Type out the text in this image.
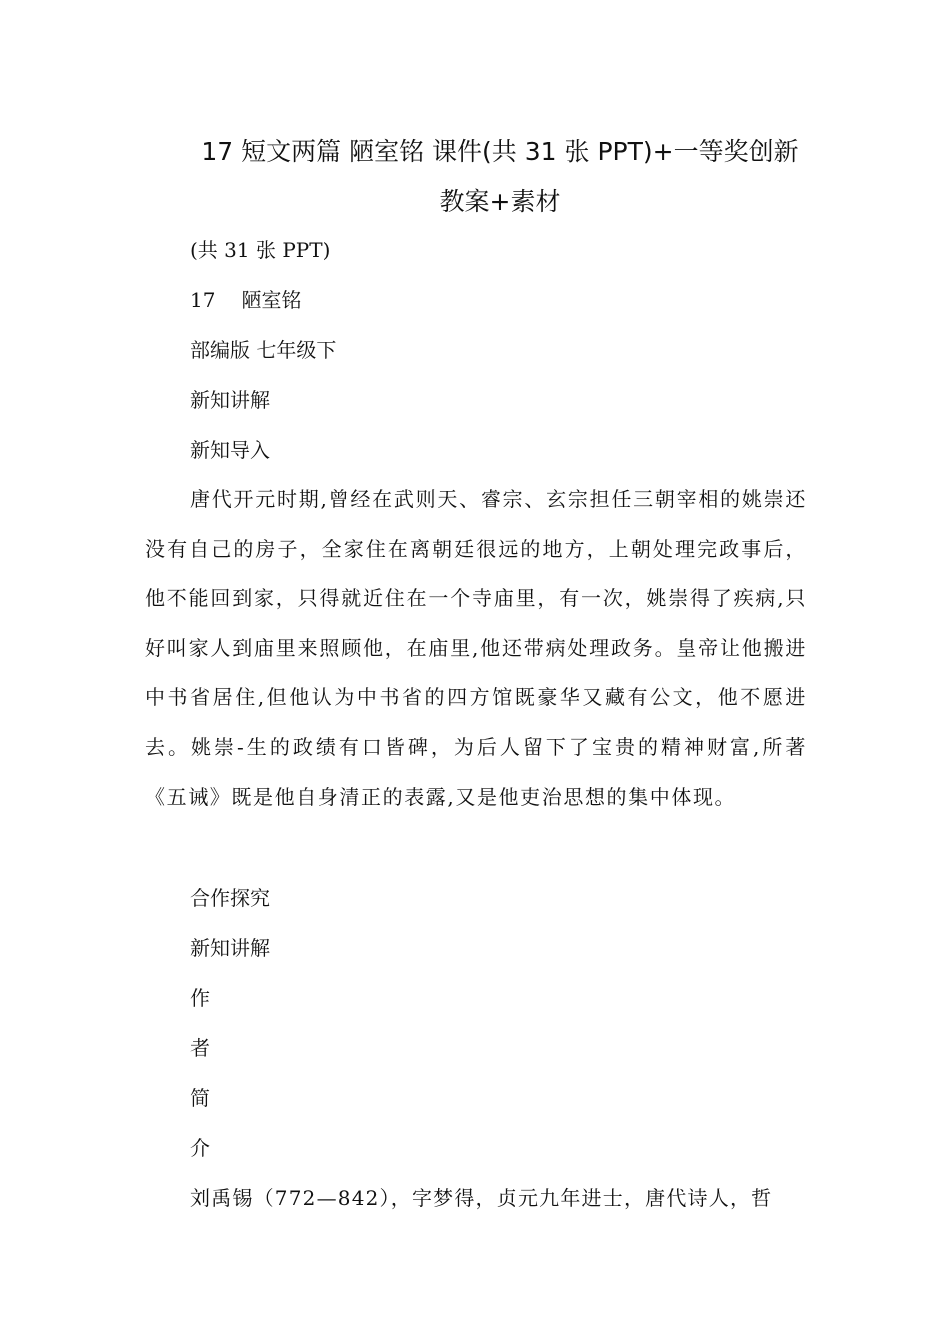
17 短文两篇 陋室铭 课件(共 31 张 PPT)+一等奖创新
教案+素材
(共 31 张 PPT)
17 陋室铭
部编版 七年级下
新知讲解
新知导入
唐代开元时期,曾经在武则天、睿宗、玄宗担任三朝宰相的姚崇还没有自己的房子，全家住在离朝廷很远的地方，上朝处理完政事后，他不能回到家，只得就近住在一个寺庙里，有一次，姚崇得了疾病,只好叫家人到庙里来照顾他，在庙里,他还带病处理政务。皇帝让他搬进中书省居住,但他认为中书省的四方馆既豪华又藏有公文，他不愿进去。姚崇-生的政绩有口皆碑，为后人留下了宝贵的精神财富,所著《五诫》既是他自身清正的表露,又是他吏治思想的集中体现。
合作探究
新知讲解
作
者
简
介
刘禹锡（772—842），字梦得，贞元九年进士，唐代诗人，哲
